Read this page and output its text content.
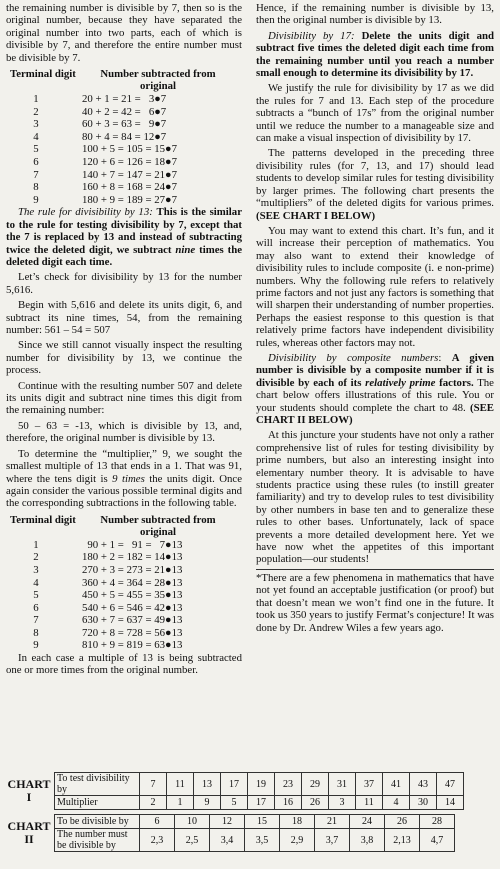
the remaining number is divisible by 7, then so is the original number, because they have separated the original number into two parts, each of which is divisible by 7, and therefore the entire number must be divisible by 7.

Terminal digit	Number subtracted from original
1	20 + 1 = 21 =   3●7
2	40 + 2 = 42 =   6●7
3	60 + 3 = 63 =   9●7
4	80 + 4 = 84 = 12●7
5	100 + 5 = 105 = 15●7
6	120 + 6 = 126 = 18●7
7	140 + 7 = 147 = 21●7
8	160 + 8 = 168 = 24●7
9	180 + 9 = 189 = 27●7

The rule for divisibility by 13: This is the similar to the rule for testing divisibility by 7, except that the 7 is replaced by 13 and instead of subtracting twice the deleted digit, we subtract nine times the deleted digit each time.

Let’s check for divisibility by 13 for the number 5,616.

Begin with 5,616 and delete its units digit, 6, and subtract its nine times, 54, from the remaining number: 561 – 54 = 507

Since we still cannot visually inspect the resulting number for divisibility by 13, we continue the process.

Continue with the resulting number 507 and delete its units digit and subtract nine times this digit from the remaining number:

50 – 63 = -13, which is divisible by 13, and, therefore, the original number is divisible by 13.

To determine the “multiplier,” 9, we sought the smallest multiple of 13 that ends in a 1. That was 91, where the tens digit is 9 times the units digit. Once again consider the various possible terminal digits and the corresponding subtractions in the following table.

Terminal digit	Number subtracted from original
1	90 + 1 =   91 =   7●13
2	180 + 2 = 182 = 14●13
3	270 + 3 = 273 = 21●13
4	360 + 4 = 364 = 28●13
5	450 + 5 = 455 = 35●13
6	540 + 6 = 546 = 42●13
7	630 + 7 = 637 = 49●13
8	720 + 8 = 728 = 56●13
9	810 + 9 = 819 = 63●13

In each case a multiple of 13 is being subtracted one or more times from the original number.

Hence, if the remaining number is divisible by 13, then the original number is divisible by 13.

Divisibility by 17: Delete the units digit and subtract five times the deleted digit each time from the remaining number until you reach a number small enough to determine its divisibility by 17.

We justify the rule for divisibility by 17 as we did the rules for 7 and 13. Each step of the procedure subtracts a “bunch of 17s” from the original number until we reduce the number to a manageable size and can make a visual inspection of divisibility by 17.

The patterns developed in the preceding three divisibility rules (for 7, 13, and 17) should lead students to develop similar rules for testing divisibility by larger primes. The following chart presents the “multipliers” of the deleted digits for various primes. (SEE CHART I BELOW)

You may want to extend this chart. It’s fun, and it will increase their perception of mathematics. You may also want to extend their knowledge of divisibility rules to include composite (i. e non-prime) numbers. Why the following rule refers to relatively prime factors and not just any factors is something that will sharpen their understanding of number properties. Perhaps the easiest response to this question is that relatively prime factors have independent divisibility rules, whereas other factors may not.

Divisibility by composite numbers: A given number is divisible by a composite number if it is divisible by each of its relatively prime factors. The chart below offers illustrations of this rule. You or your students should complete the chart to 48. (SEE CHART II BELOW)

At this juncture your students have not only a rather comprehensive list of rules for testing divisibility by prime numbers, but also an interesting insight into elementary number theory. It is advisable to have students practice using these rules (to instill greater familiarity) and try to develop rules to test divisibility by other numbers in base ten and to generalize these rules to other bases. Unfortunately, lack of space prevents a more detailed development here. Yet we have now whet the appetites of this important population—our students!

*There are a few phenomena in mathematics that have not yet found an acceptable justification (or proof) but that doesn’t mean we won’t find one in the future. It took us 350 years to justify Fermat’s conjecture! It was done by Dr. Andrew Wiles a few years ago.
CHART
I
To test divisibility by	7	11	13	17	19	23	29	31	37	41	43	47
Multiplier	2	1	9	5	17	16	26	3	11	4	30	14
CHART
II
To be divisible by	6	10	12	15	18	21	24	26	28
The number must be divisible by	2,3	2,5	3,4	3,5	2,9	3,7	3,8	2,13	4,7
